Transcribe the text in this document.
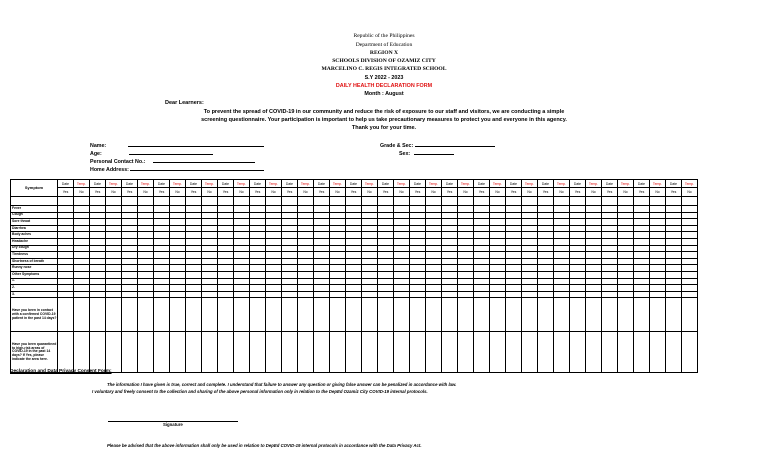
Republic of the Philippines
Department of Education
REGION X
SCHOOLS DIVISION OF OZAMIZ CITY
MARCELINO C. REGIS INTEGRATED SCHOOL
S.Y 2022 - 2023
DAILY HEALTH DECLARATION FORM
Month : August
Dear Learners:
To prevent the spread of COVID-19 in our community and reduce the risk of exposure to our staff and visitors, we are conducting a simple
screening questionnaire. Your participation is important to help us take precautionary measures to protect you and everyone in this agency.
Thank you for your time.
Name:
Age:
Personal Contact No.:
Home Address:
Grade & Sec:
Sex:
Symptom	Date	Temp.	Date	Temp.	Date	Temp.	Date	Temp.	Date	Temp.	Date	Temp.	Date	Temp.	Date	Temp.	Date	Temp.	Date	Temp.	Date	Temp.	Date	Temp.	Date	Temp.	Date	Temp.	Date	Temp.	Date	Temp.	Date	Temp.	Date	Temp.	Date	Temp.	Date	Temp.
	Yes	No	Yes	No	Yes	No	Yes	No	Yes	No	Yes	No	Yes	No	Yes	No	Yes	No	Yes	No	Yes	No	Yes	No	Yes	No	Yes	No	Yes	No	Yes	No	Yes	No	Yes	No	Yes	No	Yes	No

Fever																																								
Cough																																								
Sore throat																																								
Diarrhea																																								
Body aches																																								
Headache																																								
Dry cough																																								
Tiredness																																								
Shortness of breath																																								
Runny nose																																								
Other Symptoms																																								
1.																																								
2.																																								
3.																																								
Have you been in contact with a confirmed COVID-19 patient in the past 14 days?																																								
Have you been quarantined to high-risk areas of COVID-19 in the past 14 days? If Yes, please indicate the area here.																																								
Declaration and Data Privacy Consent Form:
The information I have given is true, correct and complete. I understand that failure to answer any question or giving false answer can be penalized in accordance with law.
I voluntary and freely consent to the collection and sharing of the above personal information only in relation to the DepEd Ozamiz City COVID-19 internal protocols.
Signature
Please be advised that the above information shall only be used in relation to DepEd COVID-19 internal protocols in accordance with the Data Privacy Act.
